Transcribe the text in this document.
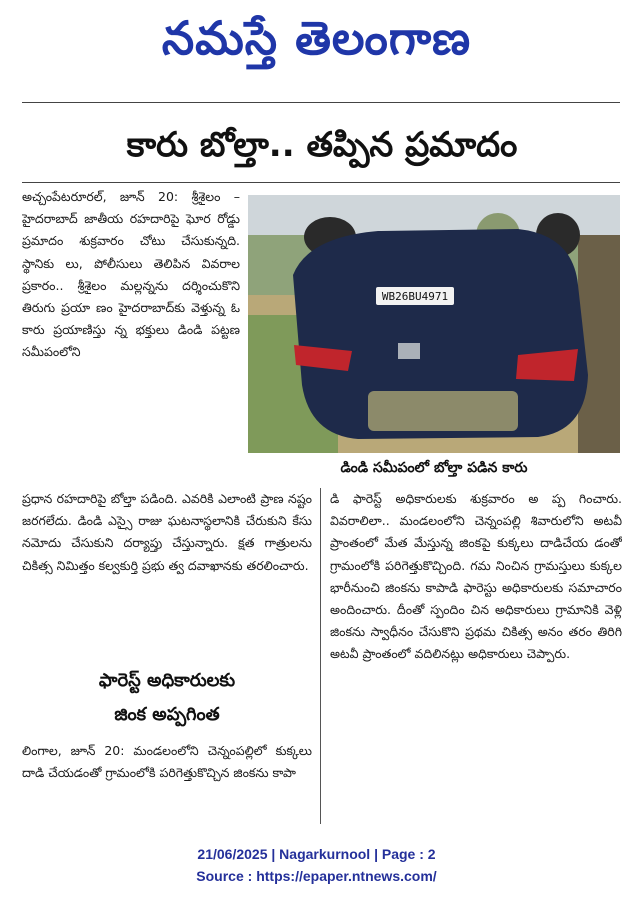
నమస్తే తెలంగాణ
కారు బోల్తా.. తప్పిన ప్రమాదం
అచ్చంపేటరూరల్, జూన్ 20: శ్రీశైలం –హైదరాబాద్ జాతీయ రహదారిపై ఘోర రోడ్డు ప్రమాదం శుక్రవారం చోటు చేసుకున్నది. స్థానికు లు, పోలీసులు తెలిపిన వివరాల ప్రకారం.. శ్రీశైలం మల్లన్నను దర్శించుకొని తిరుగు ప్రయా ణం హైదరాబాద్‌కు వెళ్తున్న ఓ కారు ప్రయాణిస్తు న్న భక్తులు డిండి పట్టణ సమీపంలోని
WB26BU4971
డిండి సమీపంలో బోల్తా పడిన కారు
ప్రధాన రహదారిపై బోల్తా పడింది. ఎవరికి ఎలాంటి ప్రాణ నష్టం జరగలేదు. డిండి ఎస్సై రాజు ఘటనాస్థలానికి చేరుకుని కేసు నమోదు చేసుకుని దర్యాప్తు చేస్తున్నారు. క్షత గాత్రులను చికిత్స నిమిత్తం కల్వకుర్తి ప్రభు త్వ దవాఖానకు తరలించారు.
ఫారెస్ట్ అధికారులకు
జింక అప్పగింత
లింగాల, జూన్ 20: మండలంలోని చెన్నంపల్లిలో కుక్కలు దాడి చేయడంతో గ్రామంలోకి పరిగెత్తుకొచ్చిన జింకను కాపా
డి ఫారెస్ట్ అధికారులకు శుక్రవారం అ ప్ప గించారు. వివరాలిలా.. మండలంలోని చెన్నంపల్లి శివారులోని అటవీ ప్రాంతంలో మేత మేస్తున్న జింకపై కుక్కలు దాడిచేయ డంతో గ్రామంలోకి పరిగెత్తుకొచ్చింది. గమ నించిన గ్రామస్తులు కుక్కల భారీనుంచి జింకను కాపాడి ఫారెస్టు అధికారులకు సమాచారం అందించారు. దీంతో స్పందిం చిన అధికారులు గ్రామానికి వెళ్లి జింకను స్వాధీనం చేసుకొని ప్రథమ చికిత్స అనం తరం తిరిగి అటవీ ప్రాంతంలో వదిలినట్లు అధికారులు చెప్పారు.
21/06/2025 | Nagarkurnool | Page : 2
Source : https://epaper.ntnews.com/
